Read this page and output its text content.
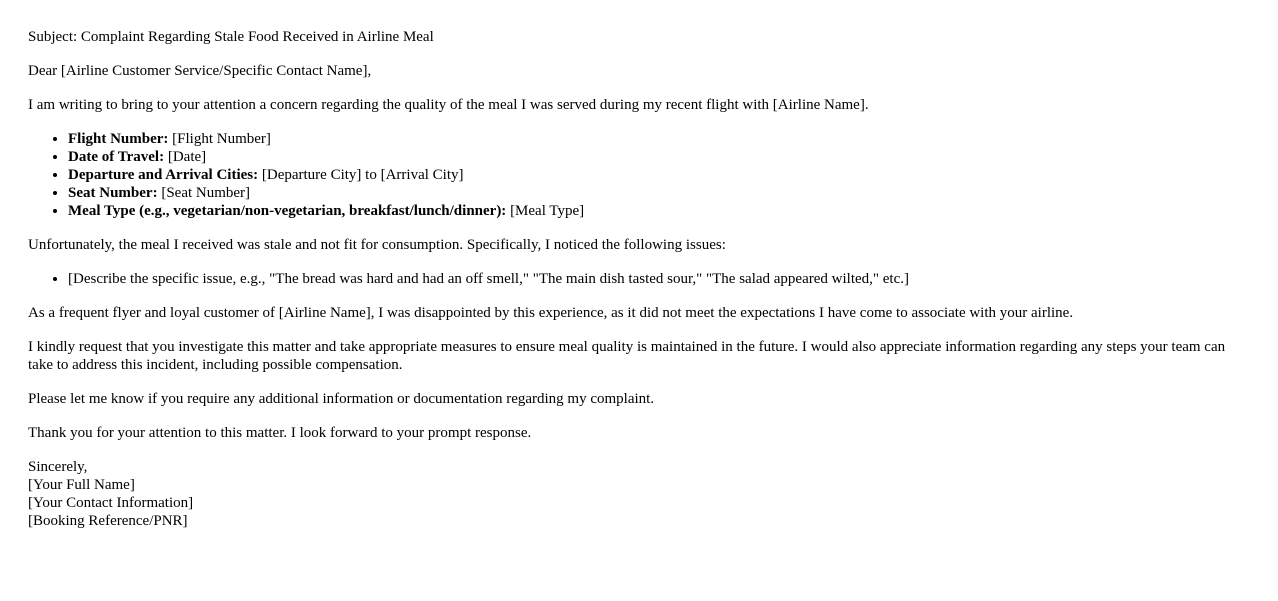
Subject: Complaint Regarding Stale Food Received in Airline Meal

Dear [Airline Customer Service/Specific Contact Name],

I am writing to bring to your attention a concern regarding the quality of the meal I was served during my recent flight with [Airline Name].

• Flight Number: [Flight Number]
• Date of Travel: [Date]
• Departure and Arrival Cities: [Departure City] to [Arrival City]
• Seat Number: [Seat Number]
• Meal Type (e.g., vegetarian/non-vegetarian, breakfast/lunch/dinner): [Meal Type]

Unfortunately, the meal I received was stale and not fit for consumption. Specifically, I noticed the following issues:

• [Describe the specific issue, e.g., "The bread was hard and had an off smell," "The main dish tasted sour," "The salad appeared wilted," etc.]

As a frequent flyer and loyal customer of [Airline Name], I was disappointed by this experience, as it did not meet the expectations I have come to associate with your airline.

I kindly request that you investigate this matter and take appropriate measures to ensure meal quality is maintained in the future. I would also appreciate information regarding any steps your team can take to address this incident, including possible compensation.

Please let me know if you require any additional information or documentation regarding my complaint.

Thank you for your attention to this matter. I look forward to your prompt response.

Sincerely,
[Your Full Name]
[Your Contact Information]
[Booking Reference/PNR]
